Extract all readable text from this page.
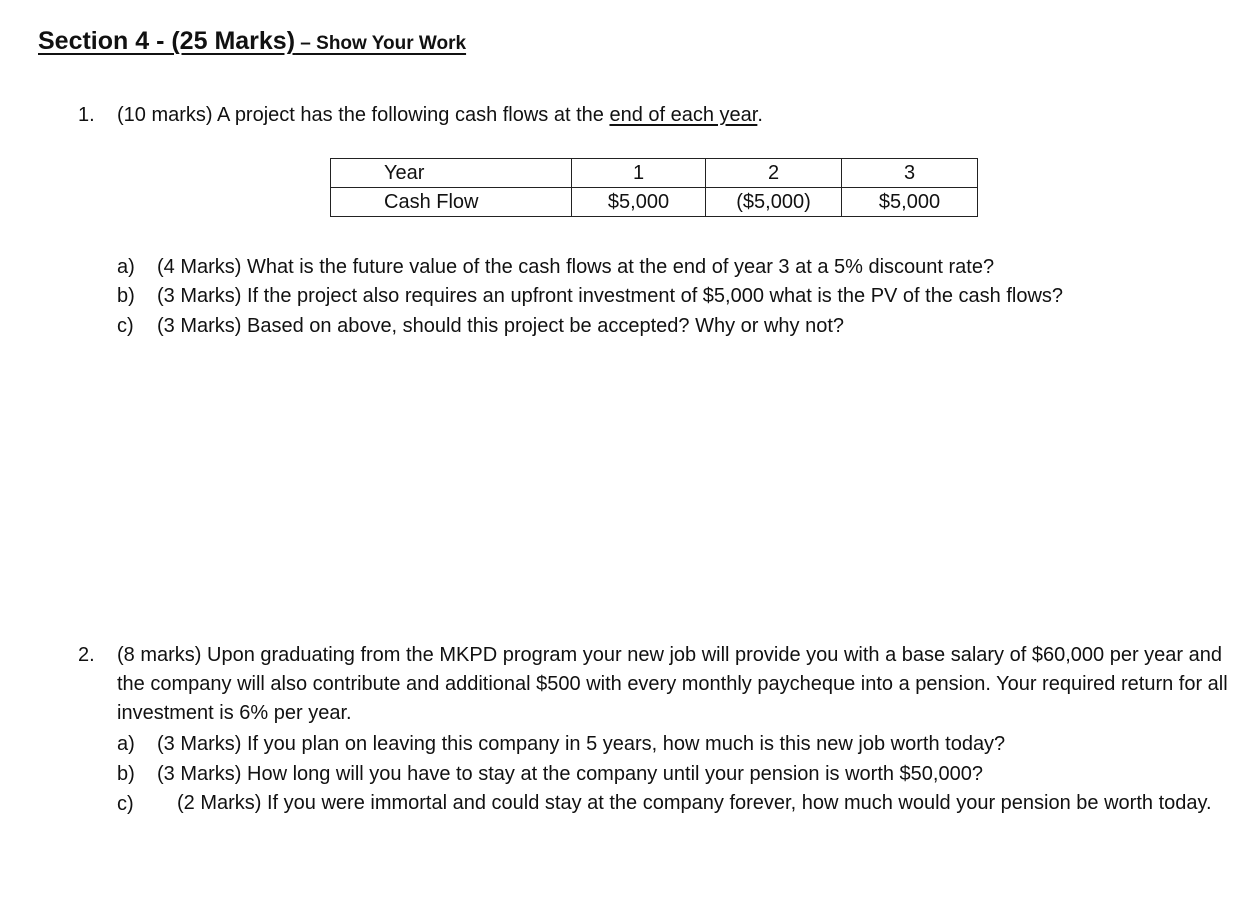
Section 4 - (25 Marks) – Show Your Work
1. (10 marks) A project has the following cash flows at the end of each year.
Year	1	2	3
Cash Flow	$5,000	($5,000)	$5,000
a) (4 Marks) What is the future value of the cash flows at the end of year 3 at a 5% discount rate?
b) (3 Marks) If the project also requires an upfront investment of $5,000 what is the PV of the cash flows?
c) (3 Marks) Based on above, should this project be accepted? Why or why not?
2. (8 marks) Upon graduating from the MKPD program your new job will provide you with a base salary of $60,000 per year and the company will also contribute and additional $500 with every monthly paycheque into a pension. Your required return for all investment is 6% per year.
a) (3 Marks) If you plan on leaving this company in 5 years, how much is this new job worth today?
b) (3 Marks) How long will you have to stay at the company until your pension is worth $50,000?
c)	(2 Marks) If you were immortal and could stay at the company forever, how much would your pension be worth today.
